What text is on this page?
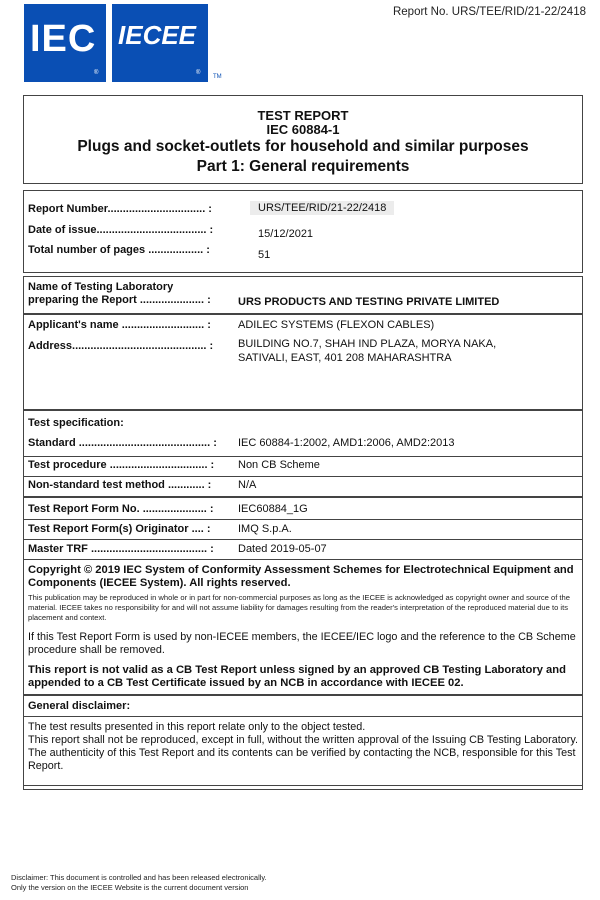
IEC
®
IECEE
®
TM
Report No. URS/TEE/RID/21-22/2418
TEST REPORT
IEC 60884-1
Plugs and socket-outlets for household and similar purposes
Part 1: General requirements
Report Number................................ :	URS/TEE/RID/21-22/2418
Date of issue.................................... :	15/12/2021
Total number of pages .................. :	51
Name of Testing Laboratory
preparing the Report ..................... : URS PRODUCTS AND TESTING PRIVATE LIMITED
Applicant's name ........................... : ADILEC SYSTEMS (FLEXON CABLES)
Address............................................ : BUILDING NO.7, SHAH IND PLAZA, MORYA NAKA,
SATIVALI, EAST, 401 208 MAHARASHTRA
Test specification:
Standard ........................................... : IEC 60884-1:2002, AMD1:2006, AMD2:2013
Test procedure ................................ : Non CB Scheme
Non-standard test method ............ : N/A
Test Report Form No. ..................... : IEC60884_1G
Test Report Form(s) Originator .... : IMQ S.p.A.
Master TRF ...................................... : Dated 2019-05-07
Copyright © 2019 IEC System of Conformity Assessment Schemes for Electrotechnical Equipment and Components (IECEE System). All rights reserved.
This publication may be reproduced in whole or in part for non-commercial purposes as long as the IECEE is acknowledged as copyright owner and source of the material. IECEE takes no responsibility for and will not assume liability for damages resulting from the reader's interpretation of the reproduced material due to its placement and context.
If this Test Report Form is used by non-IECEE members, the IECEE/IEC logo and the reference to the CB Scheme procedure shall be removed.
This report is not valid as a CB Test Report unless signed by an approved CB Testing Laboratory and appended to a CB Test Certificate issued by an NCB in accordance with IECEE 02.
General disclaimer:
The test results presented in this report relate only to the object tested.
This report shall not be reproduced, except in full, without the written approval of the Issuing CB Testing Laboratory. The authenticity of this Test Report and its contents can be verified by contacting the NCB, responsible for this Test Report.
Disclaimer: This document is controlled and has been released electronically.
Only the version on the IECEE Website is the current document version
